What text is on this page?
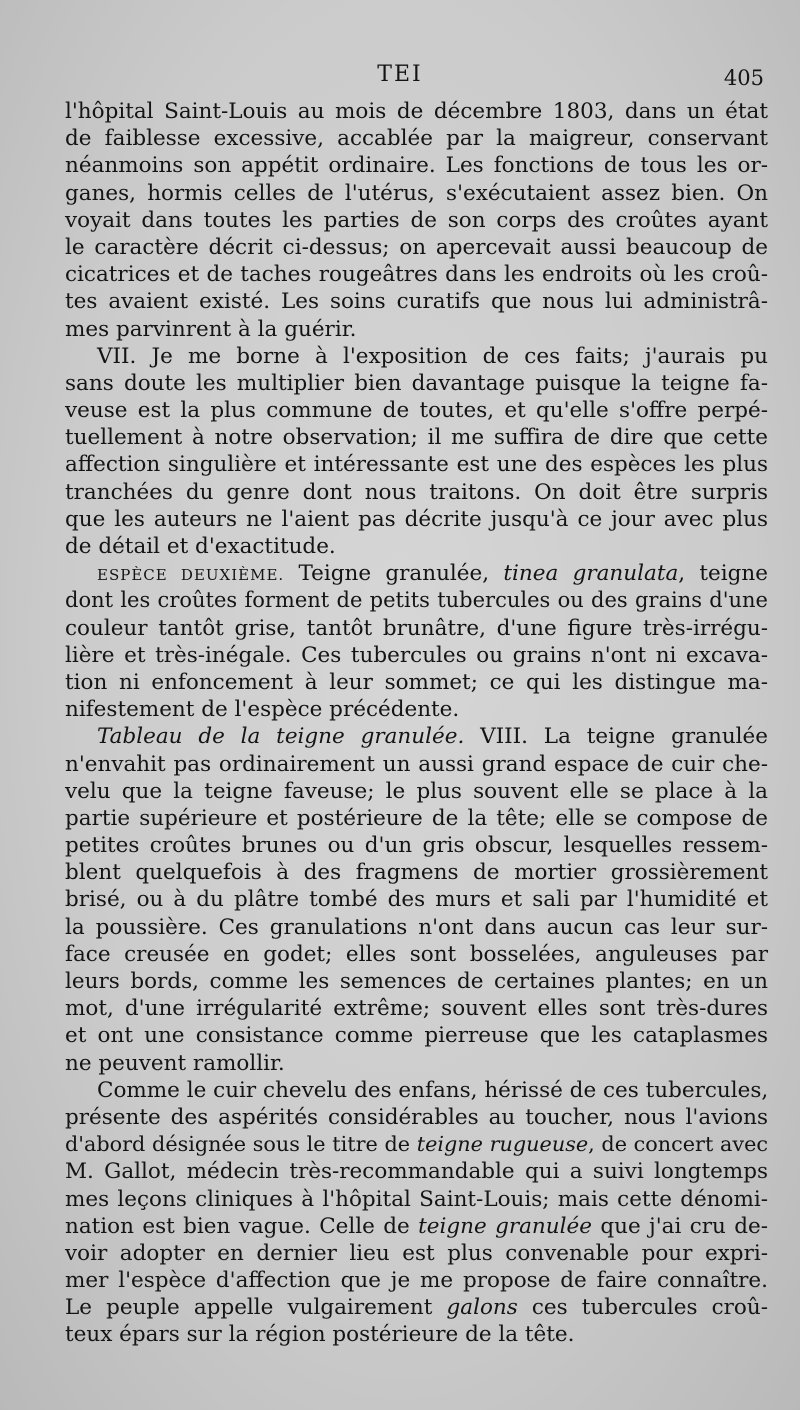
TEI	405
l'hôpital Saint-Louis au mois de décembre 1803, dans un état
de faiblesse excessive, accablée par la maigreur, conservant
néanmoins son appétit ordinaire. Les fonctions de tous les or-
ganes, hormis celles de l'utérus, s'exécutaient assez bien. On
voyait dans toutes les parties de son corps des croûtes ayant
le caractère décrit ci-dessus; on apercevait aussi beaucoup de
cicatrices et de taches rougeâtres dans les endroits où les croû-
tes avaient existé. Les soins curatifs que nous lui administrâ-
mes parvinrent à la guérir.
VII. Je me borne à l'exposition de ces faits; j'aurais pu
sans doute les multiplier bien davantage puisque la teigne fa-
veuse est la plus commune de toutes, et qu'elle s'offre perpé-
tuellement à notre observation; il me suffira de dire que cette
affection singulière et intéressante est une des espèces les plus
tranchées du genre dont nous traitons. On doit être surpris
que les auteurs ne l'aient pas décrite jusqu'à ce jour avec plus
de détail et d'exactitude.
ESPÈCE DEUXIÈME. Teigne granulée, tinea granulata, teigne
dont les croûtes forment de petits tubercules ou des grains d'une
couleur tantôt grise, tantôt brunâtre, d'une figure très-irrégu-
lière et très-inégale. Ces tubercules ou grains n'ont ni excava-
tion ni enfoncement à leur sommet; ce qui les distingue ma-
nifestement de l'espèce précédente.
Tableau de la teigne granulée. VIII. La teigne granulée
n'envahit pas ordinairement un aussi grand espace de cuir che-
velu que la teigne faveuse; le plus souvent elle se place à la
partie supérieure et postérieure de la tête; elle se compose de
petites croûtes brunes ou d'un gris obscur, lesquelles ressem-
blent quelquefois à des fragmens de mortier grossièrement
brisé, ou à du plâtre tombé des murs et sali par l'humidité et
la poussière. Ces granulations n'ont dans aucun cas leur sur-
face creusée en godet; elles sont bosselées, anguleuses par
leurs bords, comme les semences de certaines plantes; en un
mot, d'une irrégularité extrême; souvent elles sont très-dures
et ont une consistance comme pierreuse que les cataplasmes
ne peuvent ramollir.
Comme le cuir chevelu des enfans, hérissé de ces tubercules,
présente des aspérités considérables au toucher, nous l'avions
d'abord désignée sous le titre de teigne rugueuse, de concert avec
M. Gallot, médecin très-recommandable qui a suivi longtemps
mes leçons cliniques à l'hôpital Saint-Louis; mais cette dénomi-
nation est bien vague. Celle de teigne granulée que j'ai cru de-
voir adopter en dernier lieu est plus convenable pour expri-
mer l'espèce d'affection que je me propose de faire connaître.
Le peuple appelle vulgairement galons ces tubercules croû-
teux épars sur la région postérieure de la tête.
